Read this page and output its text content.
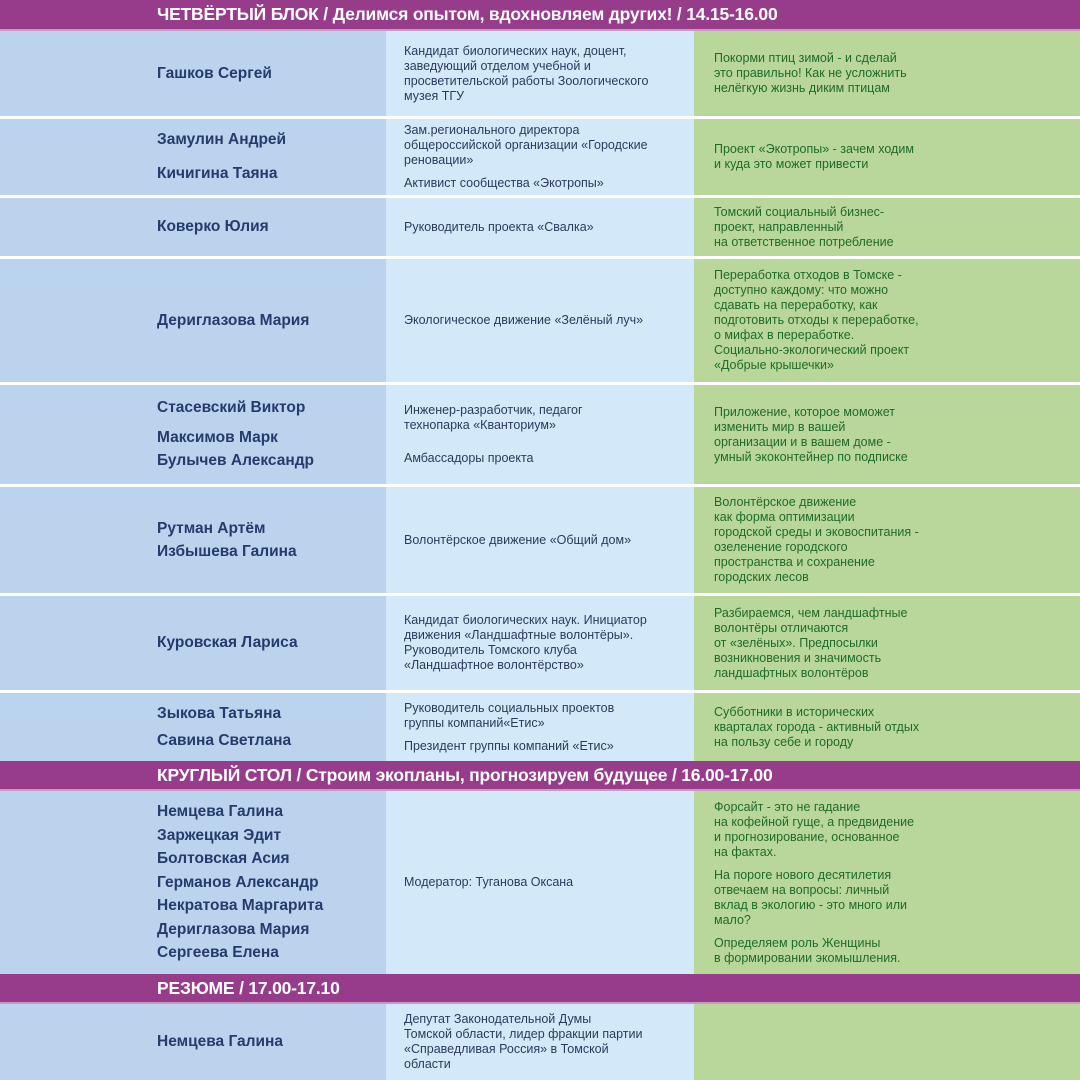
ЧЕТВЁРТЫЙ БЛОК / Делимся опытом, вдохновляем других! / 14.15-16.00
Гашков Сергей
Кандидат биологических наук, доцент,
заведующий отделом учебной и
просветительской работы Зоологического
музея ТГУ
Покорми птиц зимой - и сделай
это правильно! Как не усложнить
нелёгкую жизнь диким птицам
Замулин Андрей
Кичигина Таяна
Зам.регионального директора
общероссийской организации «Городские
реновации»
Активист сообщества «Экотропы»
Проект «Экотропы» - зачем ходим
и куда это может привести
Коверко Юлия	Руководитель проекта «Свалка»
Томский социальный бизнес-
проект, направленный
на ответственное потребление
Дериглазова Мария	Экологическое движение «Зелёный луч»
Переработка отходов в Томске -
доступно каждому: что можно
сдавать на переработку, как
подготовить отходы к переработке,
о мифах в переработке.
Социально-экологический проект
«Добрые крышечки»
Стасевский Виктор
Максимов Марк
Булычев Александр
Инженер-разработчик, педагог
технопарка «Кванториум»
Амбассадоры проекта
Приложение, которое моможет
изменить мир в вашей
организации и в вашем доме -
умный экоконтейнер по подписке
Рутман Артём
Избышева Галина
Волонтёрское движение «Общий дом»
Волонтёрское движение
как форма оптимизации
городской среды и эковоспитания -
озеленение городского
пространства и сохранение
городских лесов
Куровская Лариса
Кандидат биологических наук. Инициатор
движения «Ландшафтные волонтёры».
Руководитель Томского клуба
«Ландшафтное волонтёрство»
Разбираемся, чем ландшафтные
волонтёры отличаются
от «зелёных». Предпосылки
возникновения и значимость
ландшафтных волонтёров
Зыкова Татьяна
Савина Светлана
Руководитель социальных проектов
группы компаний«Етис»
Президент группы компаний «Етис»
Субботники в исторических
кварталах города - активный отдых
на пользу себе и городу
КРУГЛЫЙ СТОЛ / Строим экопланы, прогнозируем будущее / 16.00-17.00
Немцева Галина
Заржецкая Эдит
Болтовская Асия
Германов Александр
Некратова Маргарита
Дериглазова Мария
Сергеева Елена
Модератор: Туганова Оксана
Форсайт - это не гадание
на кофейной гуще, а предвидение
и прогнозирование, основанное
на фактах.
На пороге нового десятилетия
отвечаем на вопросы: личный
вклад в экологию - это много или
мало?
Определяем роль Женщины
в формировании экомышления.
РЕЗЮМЕ / 17.00-17.10
Немцева Галина
Депутат Законодательной Думы
Томской области, лидер фракции партии
«Справедливая Россия» в Томской
области
